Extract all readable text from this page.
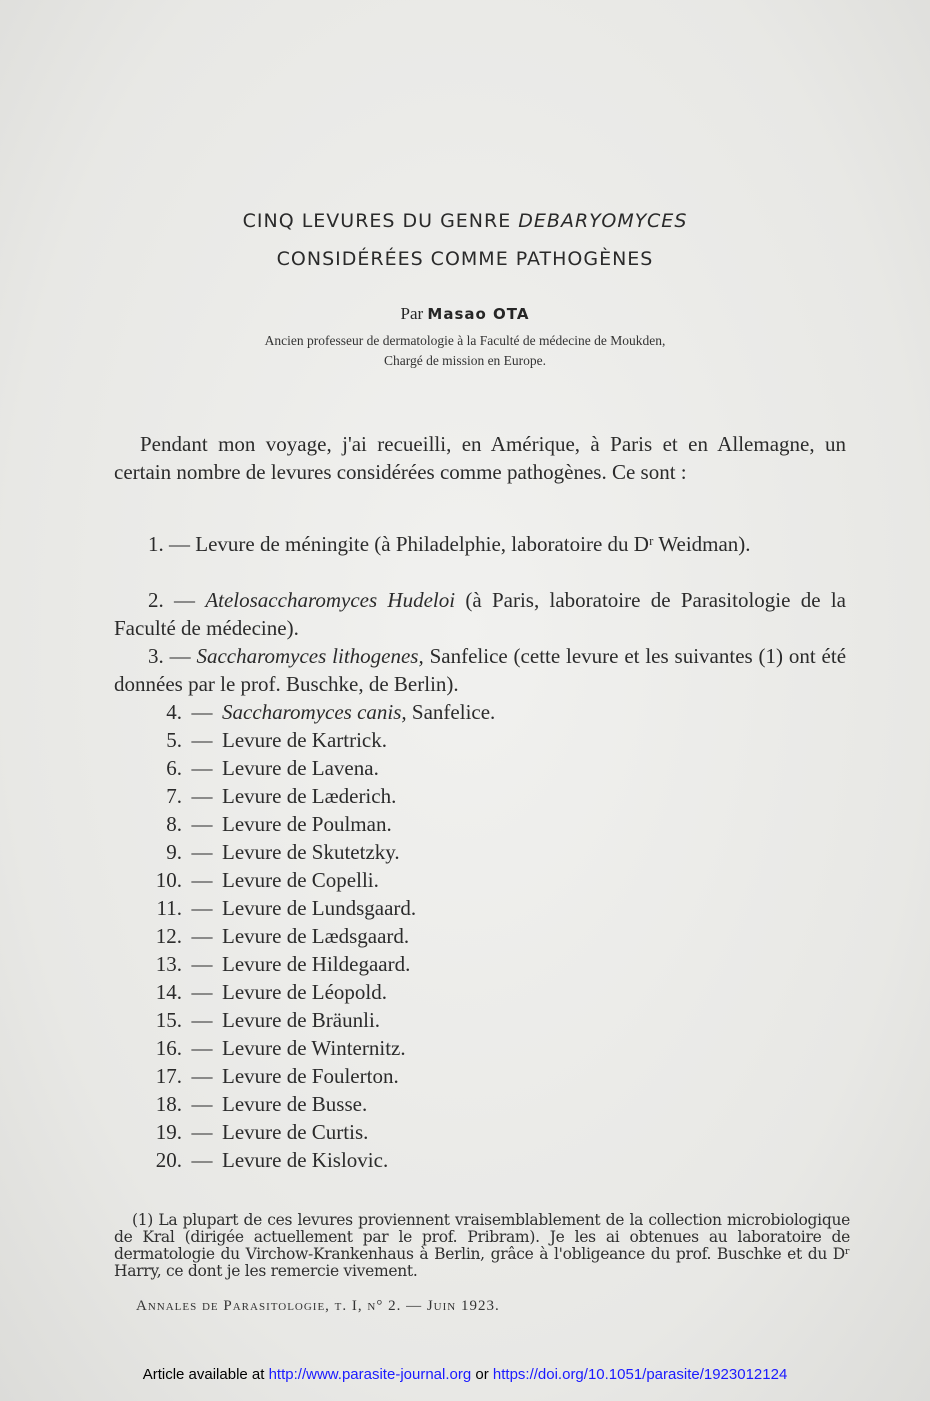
CINQ LEVURES DU GENRE DEBARYOMYCES
CONSIDÉRÉES COMME PATHOGÈNES
Par Masao OTA
Ancien professeur de dermatologie à la Faculté de médecine de Moukden,
Chargé de mission en Europe.
Pendant mon voyage, j'ai recueilli, en Amérique, à Paris et en Allemagne, un certain nombre de levures considérées comme pathogènes. Ce sont :
1. — Levure de méningite (à Philadelphie, laboratoire du Dʳ Weidman).
2. — Atelosaccharomyces Hudeloi (à Paris, laboratoire de Parasitologie de la Faculté de médecine).
3. — Saccharomyces lithogenes, Sanfelice (cette levure et les suivantes (1) ont été données par le prof. Buschke, de Berlin).
4. — Saccharomyces canis, Sanfelice.
5. — Levure de Kartrick.
6. — Levure de Lavena.
7. — Levure de Læderich.
8. — Levure de Poulman.
9. — Levure de Skutetzky.
10. — Levure de Copelli.
11. — Levure de Lundsgaard.
12. — Levure de Lædsgaard.
13. — Levure de Hildegaard.
14. — Levure de Léopold.
15. — Levure de Bräunli.
16. — Levure de Winternitz.
17. — Levure de Foulerton.
18. — Levure de Busse.
19. — Levure de Curtis.
20. — Levure de Kislovic.
(1) La plupart de ces levures proviennent vraisemblablement de la collection microbiologique de Kral (dirigée actuellement par le prof. Pribram). Je les ai obtenues au laboratoire de dermatologie du Virchow-Krankenhaus à Berlin, grâce à l'obligeance du prof. Buschke et du Dʳ Harry, ce dont je les remercie vivement.
Annales de Parasitologie, t. I, n° 2. — Juin 1923.
Article available at http://www.parasite-journal.org or https://doi.org/10.1051/parasite/1923012124
